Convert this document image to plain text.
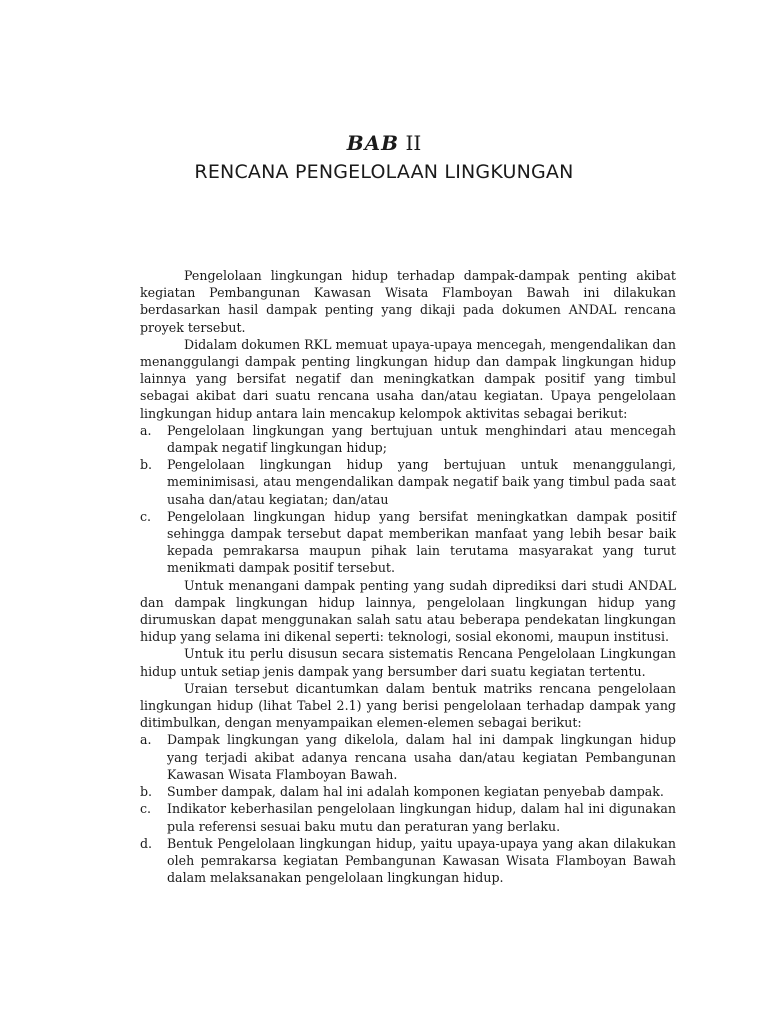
BAB II
RENCANA PENGELOLAAN LINGKUNGAN

Pengelolaan lingkungan hidup terhadap dampak-dampak penting akibat kegiatan Pembangunan Kawasan Wisata Flamboyan Bawah ini dilakukan berdasarkan hasil dampak penting yang dikaji pada dokumen ANDAL rencana proyek tersebut.

Didalam dokumen RKL memuat upaya-upaya mencegah, mengendalikan dan menanggulangi dampak penting lingkungan hidup dan dampak lingkungan hidup lainnya yang bersifat negatif dan meningkatkan dampak positif yang timbul sebagai akibat dari suatu rencana usaha dan/atau kegiatan. Upaya pengelolaan lingkungan hidup antara lain mencakup kelompok aktivitas sebagai berikut:

a. Pengelolaan lingkungan yang bertujuan untuk menghindari atau mencegah dampak negatif lingkungan hidup;
b. Pengelolaan lingkungan hidup yang bertujuan untuk menanggulangi, meminimisasi, atau mengendalikan dampak negatif baik yang timbul pada saat usaha dan/atau kegiatan; dan/atau
c. Pengelolaan lingkungan hidup yang bersifat meningkatkan dampak positif sehingga dampak tersebut dapat memberikan manfaat yang lebih besar baik kepada pemrakarsa maupun pihak lain terutama masyarakat yang turut menikmati dampak positif tersebut.

Untuk menangani dampak penting yang sudah diprediksi dari studi ANDAL dan dampak lingkungan hidup lainnya, pengelolaan lingkungan hidup yang dirumuskan dapat menggunakan salah satu atau beberapa pendekatan lingkungan hidup yang selama ini dikenal seperti: teknologi, sosial ekonomi, maupun institusi.

Untuk itu perlu disusun secara sistematis Rencana Pengelolaan Lingkungan hidup untuk setiap jenis dampak yang bersumber dari suatu kegiatan tertentu.

Uraian tersebut dicantumkan dalam bentuk matriks rencana pengelolaan lingkungan hidup (lihat Tabel 2.1) yang berisi pengelolaan terhadap dampak yang ditimbulkan, dengan menyampaikan elemen-elemen sebagai berikut:

a. Dampak lingkungan yang dikelola, dalam hal ini dampak lingkungan hidup yang terjadi akibat adanya rencana usaha dan/atau kegiatan Pembangunan Kawasan Wisata Flamboyan Bawah.
b. Sumber dampak, dalam hal ini adalah komponen kegiatan penyebab dampak.
c. Indikator keberhasilan pengelolaan lingkungan hidup, dalam hal ini digunakan pula referensi sesuai baku mutu dan peraturan yang berlaku.
d. Bentuk Pengelolaan lingkungan hidup, yaitu upaya-upaya yang akan dilakukan oleh pemrakarsa kegiatan Pembangunan Kawasan Wisata Flamboyan Bawah dalam melaksanakan pengelolaan lingkungan hidup.
